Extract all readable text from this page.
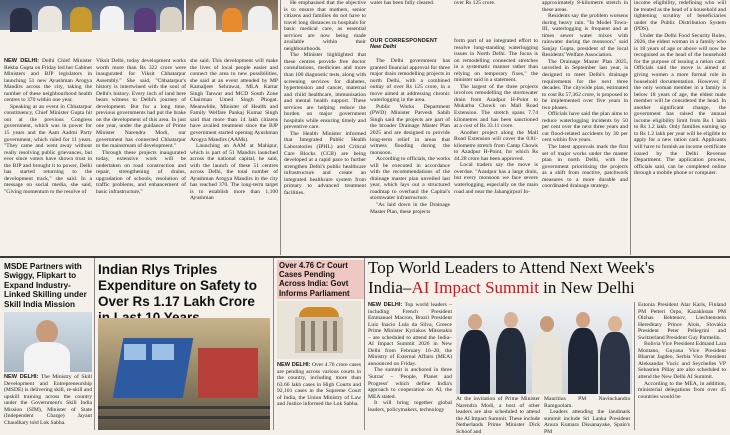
NEW DELHI: Delhi Chief Minister Rekha Gupta on Friday led her Cabinet Ministers and BJP legislators in launching 51 new Ayushman Arogya Mandirs across the city, taking the number of these neighbourhood health centres to 370 within one year.

Speaking at an event in Chhatarpur constituency, Chief Minister Gupta hit out at the previous Congress government, which was in power for 15 years and the Aam Aadmi Party government, which ruled for 11 years. "They came and went away without really resolving public grievances, but ever since voters have shown trust in the BJP and brought it to power, Delhi has started returning to the development track," she said. In a message on social media, she said, "Giving momentum to the resolve of

Viksit Delhi, today development works worth more than Rs 322 crore were inaugurated for Viksit Chhatarpur Assembly." She said, "Chhatarpur's history is intertwined with the soul of Delhi's history. Every inch of land here bears witness to Delhi's journey of development. But for a long time, previous governments had put the brake on the development of this area. In just one year, under the guidance of Prime Minister Narendra Modi, our government has connected Chhatarpur to the mainstream of development."

Through these projects inaugurated today, extensive work will be undertaken on road construction and repair, strengthening of drains, upgradation of schools, resolution of traffic problems, and enhancement of basic infrastructure,"

she said. This development will make the lives of local people easier and connect the area to new possibilities, she said at an event attended by MP Kamaljeet Sehrawat, MLA Kartar Singh Tanwar and MCD South Zone Chairman Umed Singh Phogat. Meanwhile, Minister of Health and Family Welfare Pankaj Kumar Singh said that more than 14 lakh citizens have availed treatment since the BJP government started opening Ayushman Arogya Mandirs (AAMs).

Launching an AAM at Mahipur, which is part of 51 Mandirs launched across the national capital, he said, with the launch of these 51 centres across Delhi, the total number of Ayushman Arogya Mandirs in the city has reached 370. The long-term target is to establish more than 1,100 Ayushman

He emphasised that the objective is to ensure that mothers, senior citizens and families do not have to travel long distances to hospitals for basic medical care, as essential services are now being made available within their neighbourhoods.

The Minister highlighted that these centres provide free doctor consultations, medicines and more than 100 diagnostic tests, along with screening services for diabetes, hypertension and cancer, maternal and child healthcare, immunisation and mental health support. These services are helping reduce the burden on major government hospitals while ensuring timely and preventive care.

The Health Minister informed that Integrated Public Health Laboratories (IPHL) and Critical Care Blocks (CCB) are being developed at a rapid pace to further strengthen Delhi's public healthcare infrastructure and create an integrated healthcare system from primary to advanced treatment facilities.

water has been fully cleared.

OUR CORRESPONDENT
New Delhi

The Delhi government has granted financial approval for three major drain remodelling projects in north Delhi, with a combined outlay of over Rs 125 crore, in a move aimed at addressing chronic waterlogging in the area.

Public Works Department (PWD) Minister Parvesh Sahib Singh said the projects are part of the broader Drainage Master Plan 2025 and are designed to provide long-term relief in areas that witness flooding during the monsoon.

According to officials, the works will be executed in accordance with the recommendations of the drainage master plan unveiled last year, which lays out a structured roadmap to overhaul the Capital's stormwater infrastructure.

"As laid down in the Drainage Master Plan, these projects

over Rs 125 crore.

form part of an integrated effort to resolve long-standing waterlogging issues in North Delhi. The focus is on remodelling connected stretches in a systematic manner rather than relying on temporary fixes," the minister said in a statement.

The largest of the three projects involves remodelling the stormwater drain from Azadpur H-Point to Mukarba Chowk on Mall Road Extension. The stretch spans 7.74 kilometres and has been sanctioned at a cost of Rs 33.11 crore.

Another project along the Mall Road Extension will cover the 0.81-kilometre stretch from Camp Chowk to Azadpur H-Point, for which Rs 44.28 crore has been approved.

Local traders say the move is overdue. "Azadpur has a large drain, but every monsoon we face severe waterlogging, especially on the main road and near the Jahangirpuri In-

approximately 8-kilometre stretch in these areas.

Residents say the problem worsens during heavy rain. "In Model Town-III, waterlogging is frequent and at times sewer water mixes with rainwater during the monsoon," said Sanjay Gupta, president of the local Residents' Welfare Association.

The Drainage Master Plan 2025, unveiled in September last year, is designed to meet Delhi's drainage requirements for the next three decades. The citywide plan, estimated to cost Rs 57,362 crore, is proposed to be implemented over five years in two phases.

Officials have said the plan aims to reduce waterlogging incidents by 50 per cent over the next three years and cut flood-related accidents by 30 per cent within five years.

The latest approvals mark the first set of major works under the master plan in north Delhi, with the government prioritising the projects as a shift from reactive, patchwork measures to a more durable and coordinated drainage strategy.

income eligibility, redefining who will be treated as the head of a household and tightening scrutiny of beneficiaries under the Public Distribution System (PDS).

Under the Delhi Food Security Rules, 2026, the eldest woman in a family who is 18 years of age or above will now be recognised as the head of the household for the purpose of issuing a ration card. Officials said the move is aimed at giving women a more formal role in household documentation. However, if the only woman member in a family is below 18 years of age, the eldest male member will be considered the head. In another significant change, the government has raised the annual income eligibility limit from Rs 1 lakh to Rs 1.2 lakh. Only families earning up to Rs 1.2 lakh per year will be eligible to apply for a new ration card. Applicants will have to furnish an income certificate issued by the Delhi Revenue Department. The application process, officials said, can be completed online through a mobile phone or computer.

MSDE Partners with Swiggy, Flipkart to Expand Industry-Linked Skilling under Skill India Mission

NEW DELHI: The Ministry of Skill Development and Entrepreneurship (MSDE) is delivering skill, re-skill and upskill training across the country under the Government's Skill India Mission (SIM), Minister of State (Independent Charge) Jayant Chaudhary told Lok Sabha.

Indian Rlys Triples Expenditure on Safety to Over Rs 1.17 Lakh Crore
Over 4.76 Cr Court Cases Pending Across India: Govt Informs Parliament

NEW DELHI: Over 4.76 crore cases are pending across various courts in the country, including more than 63.66 lakh cases in High Courts and 92,101 cases in the Supreme Court of India, the Union Ministry of Law and Justice informed the Lok Sabha.

Top World Leaders to Attend Next Week's
India–AI Impact Summit in New Delhi

NEW DELHI: Top world leaders – including French President Emmanuel Macron, Brazil President Luiz Inacio Lula da Silva, Greece Prime Minister Kyriakos Mitsotakis – are scheduled to attend the India–AI Impact Summit 2026 in New Delhi from February 16–20, the Ministry of External Affairs (MEA) announced on Friday.

The summit is anchored in three 'Sutras' – 'People, Planet and Progress' which define India's approach to cooperation on AI, the MEA stated.

It will bring together global leaders, policymakers, technology

At the invitation of Prime Minister Narendra Modi, a host of other leaders are also scheduled to attend the AI Impact Summit. These include Netherlands Prime Minister Dick Schoof and

Mauritius PM Navinchandra Ramgoolam.

Leaders attending the landmark summit include Sri Lanka President Anura Kumara Dissanayake, Spain's PM

Estonia President Alar Karis, Finland PM Petteri Orpo, Kazakhstan PM Olzhas Bektenov, Liechtenstein Hereditary Prince Alois, Slovakia President Peter Pellegrini and Switzerland President Guy Parmelin.

Bolivia Vice President Edmand Lara Montano, Guyana Vice President Bharrat Jagdeo, Serbia Vice President Aleksandar Vucic and Seychelles VP Sebastien Pillay are also scheduled to attend the New Delhi AI Summit.

According to the MEA, in addition, ministerial delegations from over 45 countries would be
